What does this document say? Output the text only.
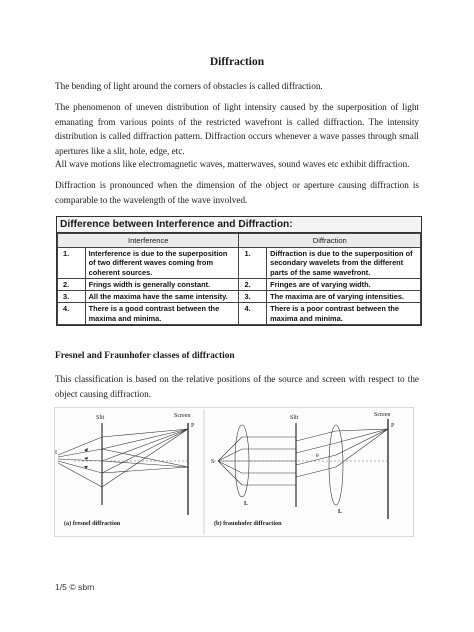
Diffraction
The bending of light around the corners of obstacles is called diffraction.
The phenomenon of uneven distribution of light intensity caused by the superposition of light emanating from various points of the restricted wavefront is called diffraction. The intensity distribution is called diffraction pattern. Diffraction occurs whenever a wave passes through small apertures like a slit, hole, edge, etc.
All wave motions like electromagnetic waves, matterwaves, sound waves etc exhibit diffraction.
Diffraction is pronounced when the dimension of the object or aperture causing diffraction is comparable to the wavelength of the wave involved.
Difference between Interference and Diffraction:
Interference		Diffraction	
1.	Interference is due to the superposition of two different waves coming from coherent sources.	1.	Diffraction is due to the superposition of secondary wavelets from the different parts of the same wavefront.
2.	Frings width is generally constant.	2.	Fringes are of varying width.
3.	All the maxima have the same intensity.	3.	The maxima are of varying intensities.
4.	There is a good contrast between the maxima and minima.	4.	There is a poor contrast between the maxima and minima.
Fresnel and Fraunhofer classes of diffraction
This classification is based on the relative positions of the source and screen with respect to the object causing diffraction.
Slit	Screen
P
I
(a) fresnel diffraction
Slit	Screen
P
S
θ
L
L
(b) fraunhofer diffraction
1/5 © sbm
